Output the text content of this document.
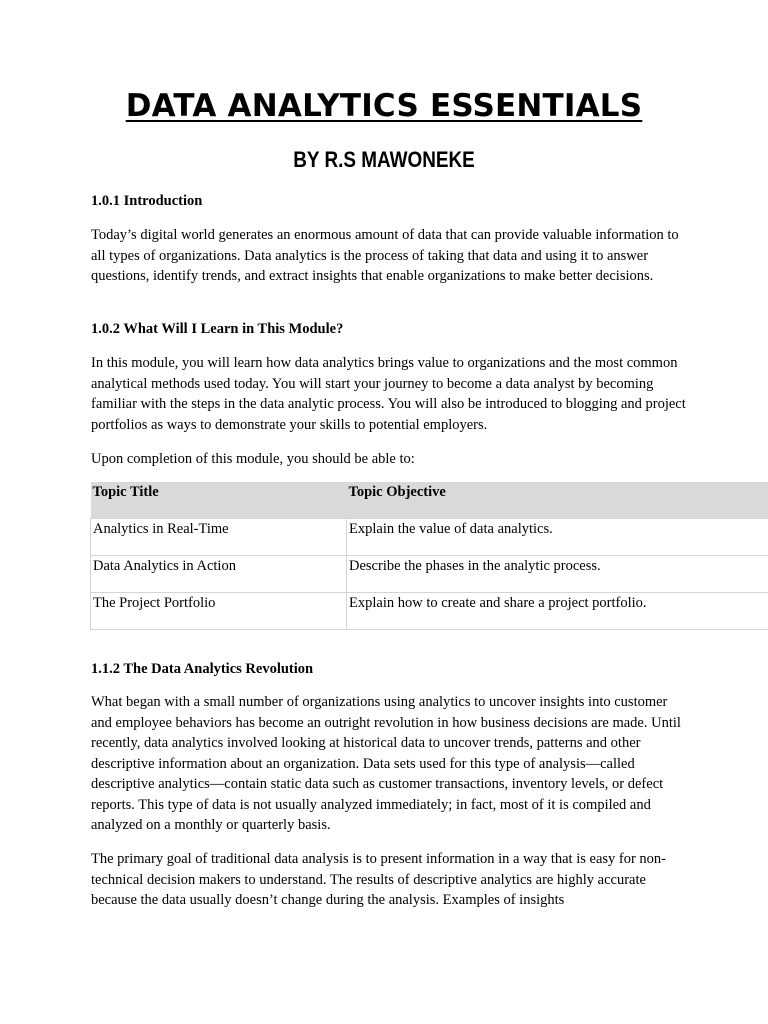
DATA ANALYTICS ESSENTIALS
BY R.S MAWONEKE

1.0.1 Introduction

Today’s digital world generates an enormous amount of data that can provide valuable information to all types of organizations. Data analytics is the process of taking that data and using it to answer questions, identify trends, and extract insights that enable organizations to make better decisions.

1.0.2 What Will I Learn in This Module?

In this module, you will learn how data analytics brings value to organizations and the most common analytical methods used today. You will start your journey to become a data analyst by becoming familiar with the steps in the data analytic process. You will also be introduced to blogging and project portfolios as ways to demonstrate your skills to potential employers.

Upon completion of this module, you should be able to:

Topic Title	Topic Objective
Analytics in Real-Time	Explain the value of data analytics.
Data Analytics in Action	Describe the phases in the analytic process.
The Project Portfolio	Explain how to create and share a project portfolio.

1.1.2 The Data Analytics Revolution

What began with a small number of organizations using analytics to uncover insights into customer and employee behaviors has become an outright revolution in how business decisions are made. Until recently, data analytics involved looking at historical data to uncover trends, patterns and other descriptive information about an organization. Data sets used for this type of analysis—called descriptive analytics—contain static data such as customer transactions, inventory levels, or defect reports. This type of data is not usually analyzed immediately; in fact, most of it is compiled and analyzed on a monthly or quarterly basis.

The primary goal of traditional data analysis is to present information in a way that is easy for non-technical decision makers to understand. The results of descriptive analytics are highly accurate because the data usually doesn’t change during the analysis. Examples of insights
